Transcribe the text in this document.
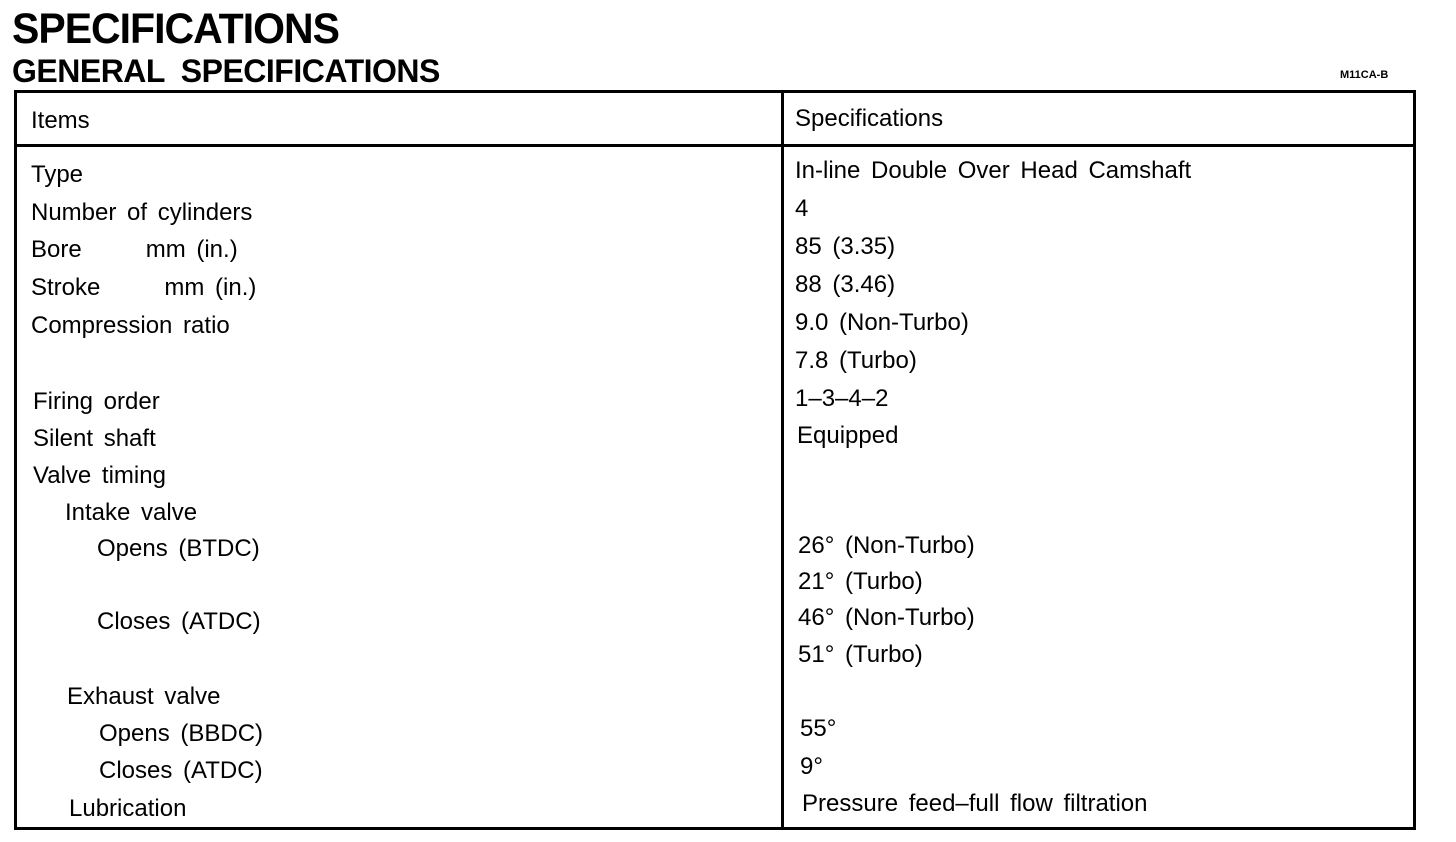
SPECIFICATIONS
GENERAL SPECIFICATIONS	M11CA-B
Items	Specifications
Type
Number of cylinders
Bore      mm (in.)
Stroke      mm (in.)
Compression ratio
Firing order
Silent shaft
Valve timing
Intake valve
Opens (BTDC)
Closes (ATDC)
Exhaust valve
Opens (BBDC)
Closes (ATDC)
Lubrication
In-line Double Over Head Camshaft
4
85 (3.35)
88 (3.46)
9.0 (Non-Turbo)
7.8 (Turbo)
1–3–4–2
Equipped
26° (Non-Turbo)
21° (Turbo)
46° (Non-Turbo)
51° (Turbo)
55°
9°
Pressure feed–full flow filtration
